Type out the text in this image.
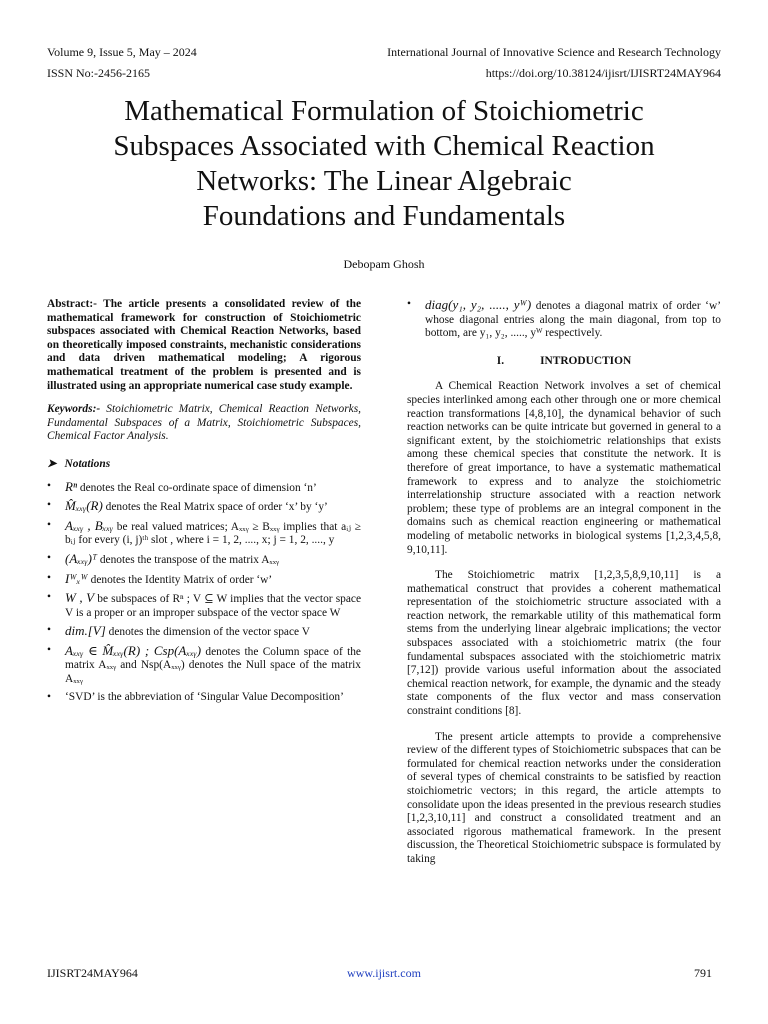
Volume 9, Issue 5, May – 2024
ISSN No:-2456-2165
International Journal of Innovative Science and Research Technology
https://doi.org/10.38124/ijisrt/IJISRT24MAY964
Mathematical Formulation of Stoichiometric
Subspaces Associated with Chemical Reaction
Networks: The Linear Algebraic
Foundations and Fundamentals
Debopam Ghosh

Abstract:- The article presents a consolidated review of the mathematical framework for construction of Stoichiometric subspaces associated with Chemical Reaction Networks, based on theoretically imposed constraints, mechanistic considerations and data driven mathematical modeling; A rigorous mathematical treatment of the problem is presented and is illustrated using an appropriate numerical case study example.

Keywords:- Stoichiometric Matrix, Chemical Reaction Networks, Fundamental Subspaces of a Matrix, Stoichiometric Subspaces, Chemical Factor Analysis.

➤ Notations
• Rⁿ denotes the Real co-ordinate space of dimension ‘n’
• M̂ₓₓᵧ(R) denotes the Real Matrix space of order ‘x’ by ‘y’
• Aₓₓᵧ , Bₓₓᵧ be real valued matrices; Aₓₓᵧ ≥ Bₓₓᵧ implies that aᵢⱼ ≥ bᵢⱼ for every (i, j)ᵗʰ slot , where i = 1, 2, ...., x; j = 1, 2, ...., y
• (Aₓₓᵧ)ᵀ denotes the transpose of the matrix Aₓₓᵧ
• Iᵂₓᵂ denotes the Identity Matrix of order ‘w’
• W , V be subspaces of Rⁿ ; V ⊆ W implies that the vector space V is a proper or an improper subspace of the vector space W
• dim.[V] denotes the dimension of the vector space V
• Aₓₓᵧ ∈ M̂ₓₓᵧ(R) ; Csp(Aₓₓᵧ) denotes the Column space of the matrix Aₓₓᵧ and Nsp(Aₓₓᵧ) denotes the Null space of the matrix Aₓₓᵧ
• ‘SVD’ is the abbreviation of ‘Singular Value Decomposition’
• diag(y₁, y₂, ....., yᵂ) denotes a diagonal matrix of order ‘w’ whose diagonal entries along the main diagonal, from top to bottom, are y₁, y₂, ....., yᵂ respectively.
I.	INTRODUCTION

A Chemical Reaction Network involves a set of chemical species interlinked among each other through one or more chemical reaction transformations [4,8,10], the dynamical behavior of such reaction networks can be quite intricate but governed in general to a significant extent, by the stoichiometric relationships that exists among these chemical species that constitute the network. It is therefore of great importance, to have a systematic mathematical framework to express and to analyze the stoichiometric interrelationship structure associated with a reaction network problem; these type of problems are an integral component in the domains such as chemical reaction engineering or mathematical modeling of metabolic networks in biological systems [1,2,3,4,5,8, 9,10,11].

The Stoichiometric matrix [1,2,3,5,8,9,10,11] is a mathematical construct that provides a coherent mathematical representation of the stoichiometric structure associated with a reaction network, the remarkable utility of this mathematical form stems from the underlying linear algebraic implications; the vector subspaces associated with a stoichiometric matrix (the four fundamental subspaces associated with the stoichiometric matrix [7,12]) provide various useful information about the associated chemical reaction network, for example, the dynamic and the steady state components of the flux vector and mass conservation constraint conditions [8].

The present article attempts to provide a comprehensive review of the different types of Stoichiometric subspaces that can be formulated for chemical reaction networks under the consideration of several types of chemical constraints to be satisfied by reaction stoichiometric vectors; in this regard, the article attempts to consolidate upon the ideas presented in the previous research studies [1,2,3,10,11] and construct a consolidated treatment and an associated rigorous mathematical framework. In the present discussion, the Theoretical Stoichiometric subspace is formulated by taking

IJISRT24MAY964	www.ijisrt.com	791
